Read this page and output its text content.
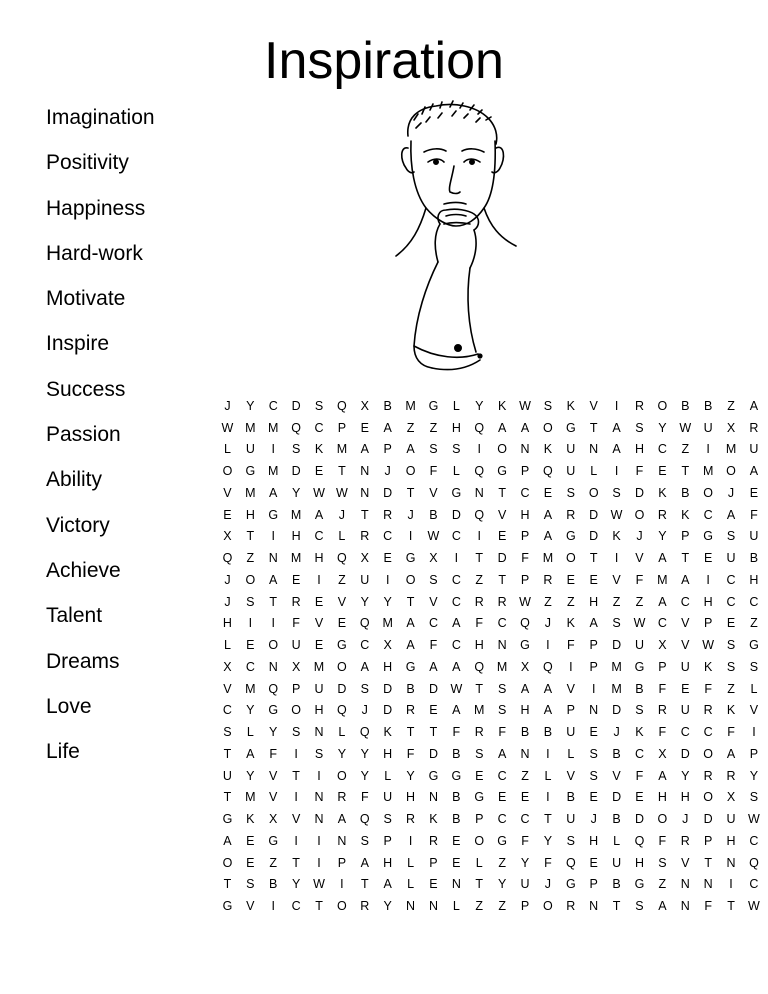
Inspiration
Imagination
Positivity
Happiness
Hard-work
Motivate
Inspire
Success
Passion
Ability
Victory
Achieve
Talent
Dreams
Love
Life
J	Y	C	D	S	Q	X	B	M	G	L	Y	K	W	S	K	V	I	R	O	B	B	Z	A
W	M	M	Q	C	P	E	A	Z	Z	H	Q	A	A	O	G	T	A	S	Y	W	U	X	R
L	U	I	S	K	M	A	P	A	S	S	I	O	N	K	U	N	A	H	C	Z	I	M	U
O	G	M	D	E	T	N	J	O	F	L	Q	G	P	Q	U	L	I	F	E	T	M	O	A
V	M	A	Y	W	W	N	D	T	V	G	N	T	C	E	S	O	S	D	K	B	O	J	E
E	H	G	M	A	J	T	R	J	B	D	Q	V	H	A	R	D	W	O	R	K	C	A	F
X	T	I	H	C	L	R	C	I	W	C	I	E	P	A	G	D	K	J	Y	P	G	S	U
Q	Z	N	M	H	Q	X	E	G	X	I	T	D	F	M	O	T	I	V	A	T	E	U	B
J	O	A	E	I	Z	U	I	O	S	C	Z	T	P	R	E	E	V	F	M	A	I	C	H
J	S	T	R	E	V	Y	Y	T	V	C	R	R	W	Z	Z	H	Z	Z	A	C	H	C	C
H	I	I	F	V	E	Q	M	A	C	A	F	C	Q	J	K	A	S	W	C	V	P	E	Z
L	E	O	U	E	G	C	X	A	F	C	H	N	G	I	F	P	D	U	X	V	W	S	G
X	C	N	X	M	O	A	H	G	A	A	Q	M	X	Q	I	P	M	G	P	U	K	S	S
V	M	Q	P	U	D	S	D	B	D	W	T	S	A	A	V	I	M	B	F	E	F	Z	L
C	Y	G	O	H	Q	J	D	R	E	A	M	S	H	A	P	N	D	S	R	U	R	K	V
S	L	Y	S	N	L	Q	K	T	T	F	R	F	B	B	U	E	J	K	F	C	C	F	I
T	A	F	I	S	Y	Y	H	F	D	B	S	A	N	I	L	S	B	C	X	D	O	A	P
U	Y	V	T	I	O	Y	L	Y	G	G	E	C	Z	L	V	S	V	F	A	Y	R	R	Y
T	M	V	I	N	R	F	U	H	N	B	G	E	E	I	B	E	D	E	H	H	O	X	S
G	K	X	V	N	A	Q	S	R	K	B	P	C	C	T	U	J	B	D	O	J	D	U	W
A	E	G	I	I	N	S	P	I	R	E	O	G	F	Y	S	H	L	Q	F	R	P	H	C
O	E	Z	T	I	P	A	H	L	P	E	L	Z	Y	F	Q	E	U	H	S	V	T	N	Q
T	S	B	Y	W	I	T	A	L	E	N	T	Y	U	J	G	P	B	G	Z	N	N	I	C
G	V	I	C	T	O	R	Y	N	N	L	Z	Z	P	O	R	N	T	S	A	N	F	T	W
